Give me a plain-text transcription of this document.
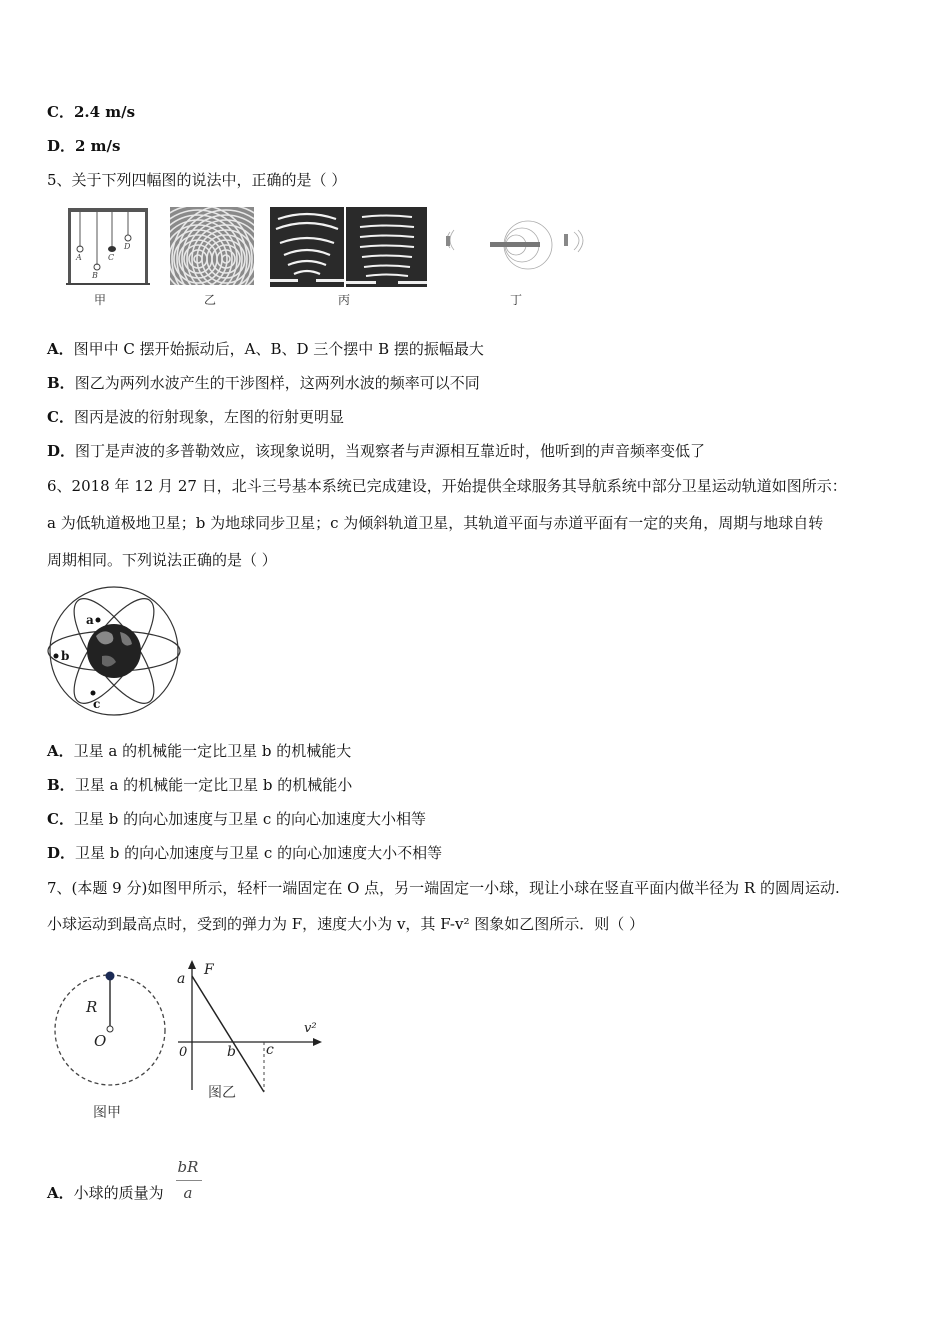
C．2.4 m/s
D．2 m/s
5、关于下列四幅图的说法中，正确的是（ ）
A
B
C
D
甲	乙	丙	丁
A．图甲中 C 摆开始振动后，A、B、D 三个摆中 B 摆的振幅最大
B．图乙为两列水波产生的干涉图样，这两列水波的频率可以不同
C．图丙是波的衍射现象，左图的衍射更明显
D．图丁是声波的多普勒效应，该现象说明，当观察者与声源相互靠近时，他听到的声音频率变低了
6、2018 年 12 月 27 日，北斗三号基本系统已完成建设，开始提供全球服务其导航系统中部分卫星运动轨道如图所示：
a 为低轨道极地卫星；b 为地球同步卫星；c 为倾斜轨道卫星，其轨道平面与赤道平面有一定的夹角，周期与地球自转
周期相同。下列说法正确的是（ ）
a
b
c
A．卫星 a 的机械能一定比卫星 b 的机械能大
B．卫星 a 的机械能一定比卫星 b 的机械能小
C．卫星 b 的向心加速度与卫星 c 的向心加速度大小相等
D．卫星 b 的向心加速度与卫星 c 的向心加速度大小不相等
7、(本题 9 分)如图甲所示，轻杆一端固定在 O 点，另一端固定一小球，现让小球在竖直平面内做半径为 R 的圆周运动.
小球运动到最高点时，受到的弹力为 F，速度大小为 v，其 F-v² 图象如乙图所示．则（ ）
R
O
图甲
F
v²
a
0	b c
图乙
A．小球的质量为
bR
a
